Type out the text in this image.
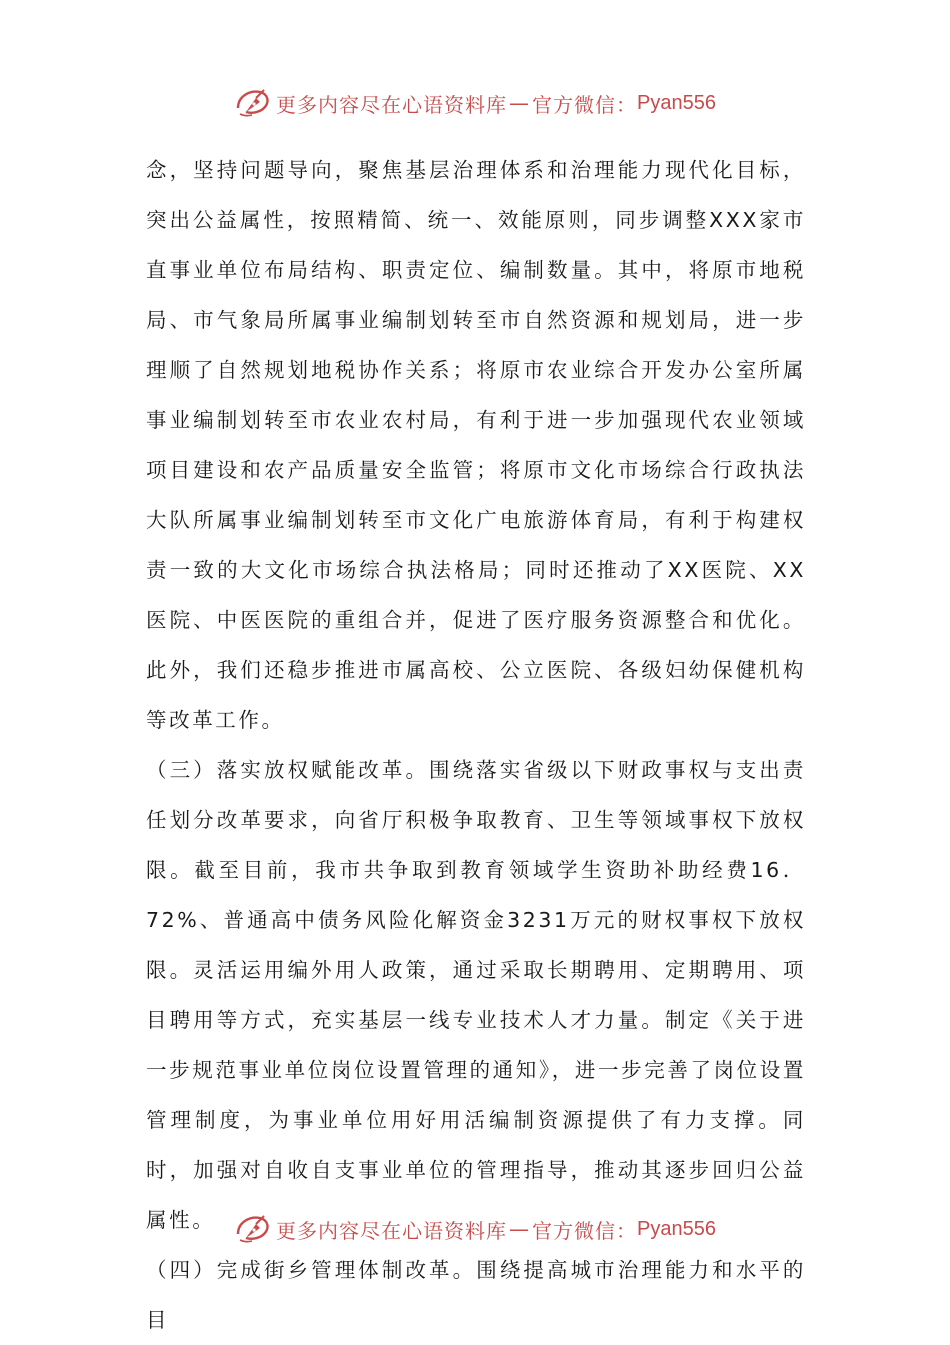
更多内容尽在心语资料库 — 官方微信： Pyan556

念，坚持问题导向，聚焦基层治理体系和治理能力现代化目标，突出公益属性，按照精简、统一、效能原则，同步调整XXX家市直事业单位布局结构、职责定位、编制数量。其中，将原市地税局、市气象局所属事业编制划转至市自然资源和规划局，进一步理顺了自然规划地税协作关系；将原市农业综合开发办公室所属事业编制划转至市农业农村局，有利于进一步加强现代农业领域项目建设和农产品质量安全监管；将原市文化市场综合行政执法大队所属事业编制划转至市文化广电旅游体育局，有利于构建权责一致的大文化市场综合执法格局；同时还推动了XX医院、XX医院、中医医院的重组合并，促进了医疗服务资源整合和优化。此外，我们还稳步推进市属高校、公立医院、各级妇幼保健机构等改革工作。

（三）落实放权赋能改革。围绕落实省级以下财政事权与支出责任划分改革要求，向省厅积极争取教育、卫生等领域事权下放权限。截至目前，我市共争取到教育领域学生资助补助经费16．72%、普通高中债务风险化解资金3231万元的财权事权下放权限。灵活运用编外用人政策，通过采取长期聘用、定期聘用、项目聘用等方式，充实基层一线专业技术人才力量。制定《关于进一步规范事业单位岗位设置管理的通知》，进一步完善了岗位设置管理制度，为事业单位用好用活编制资源提供了有力支撑。同时，加强对自收自支事业单位的管理指导，推动其逐步回归公益属性。

（四）完成街乡管理体制改革。围绕提高城市治理能力和水平的目

更多内容尽在心语资料库 — 官方微信： Pyan556
